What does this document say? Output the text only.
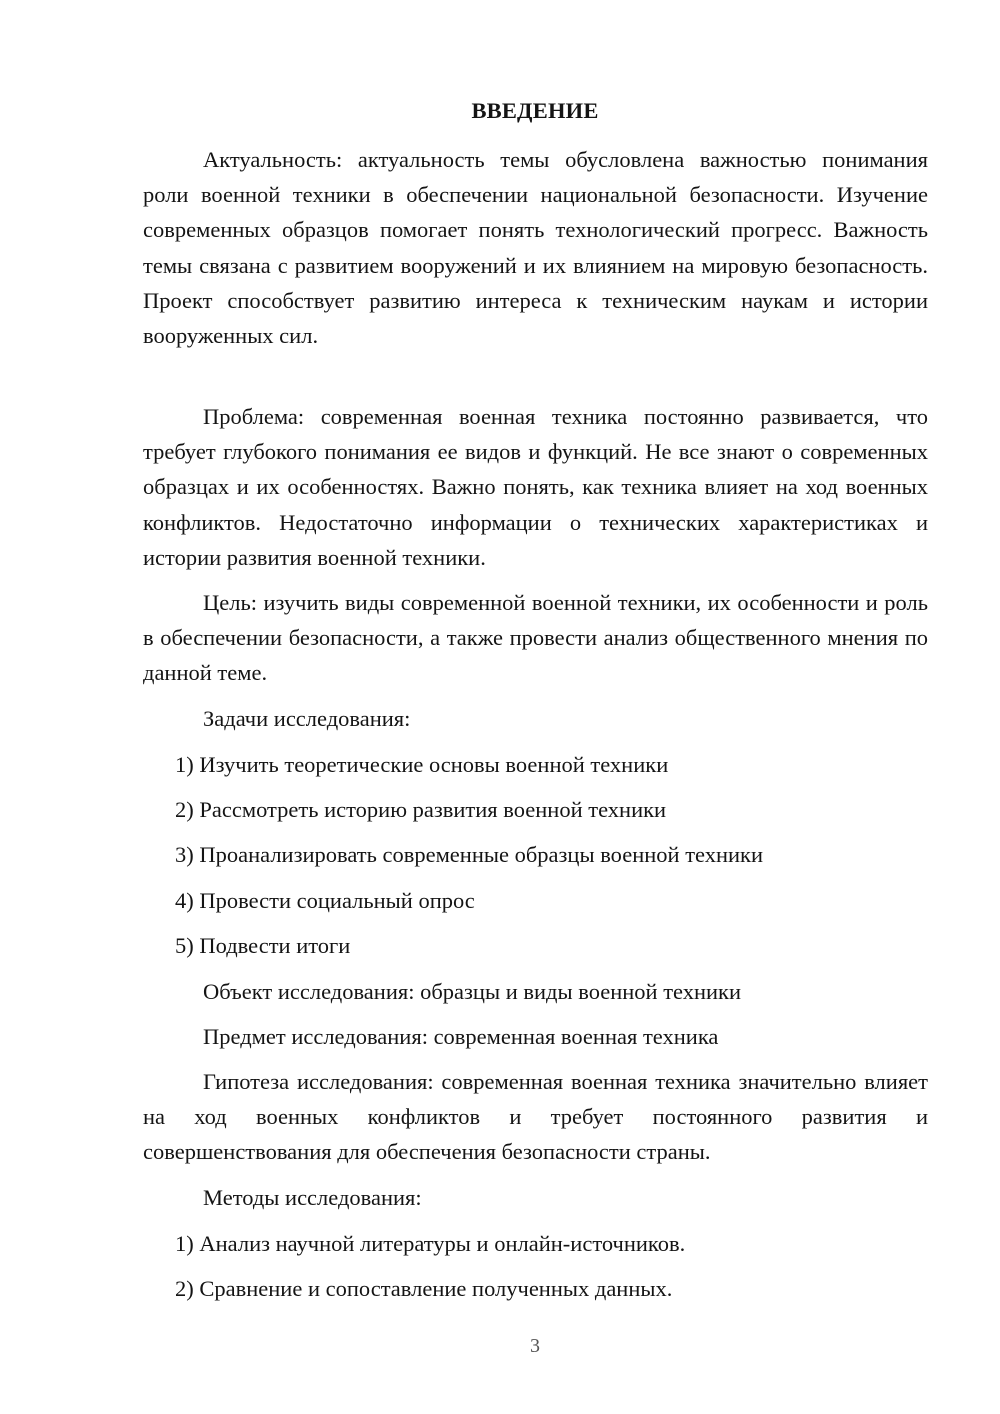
ВВЕДЕНИЕ

Актуальность: актуальность темы обусловлена важностью понимания роли военной техники в обеспечении национальной безопасности. Изучение современных образцов помогает понять технологический прогресс. Важность темы связана с развитием вооружений и их влиянием на мировую безопасность. Проект способствует развитию интереса к техническим наукам и истории вооруженных сил.

Проблема: современная военная техника постоянно развивается, что требует глубокого понимания ее видов и функций. Не все знают о современных образцах и их особенностях. Важно понять, как техника влияет на ход военных конфликтов. Недостаточно информации о технических характеристиках и истории развития военной техники.

Цель: изучить виды современной военной техники, их особенности и роль в обеспечении безопасности, а также провести анализ общественного мнения по данной теме.

Задачи исследования:

1) Изучить теоретические основы военной техники

2) Рассмотреть историю развития военной техники

3) Проанализировать современные образцы военной техники

4) Провести социальный опрос

5) Подвести итоги

Объект исследования: образцы и виды военной техники

Предмет исследования: современная военная техника

Гипотеза исследования: современная военная техника значительно влияет на ход военных конфликтов и требует постоянного развития и совершенствования для обеспечения безопасности страны.

Методы исследования:

1) Анализ научной литературы и онлайн-источников.

2) Сравнение и сопоставление полученных данных.

3
